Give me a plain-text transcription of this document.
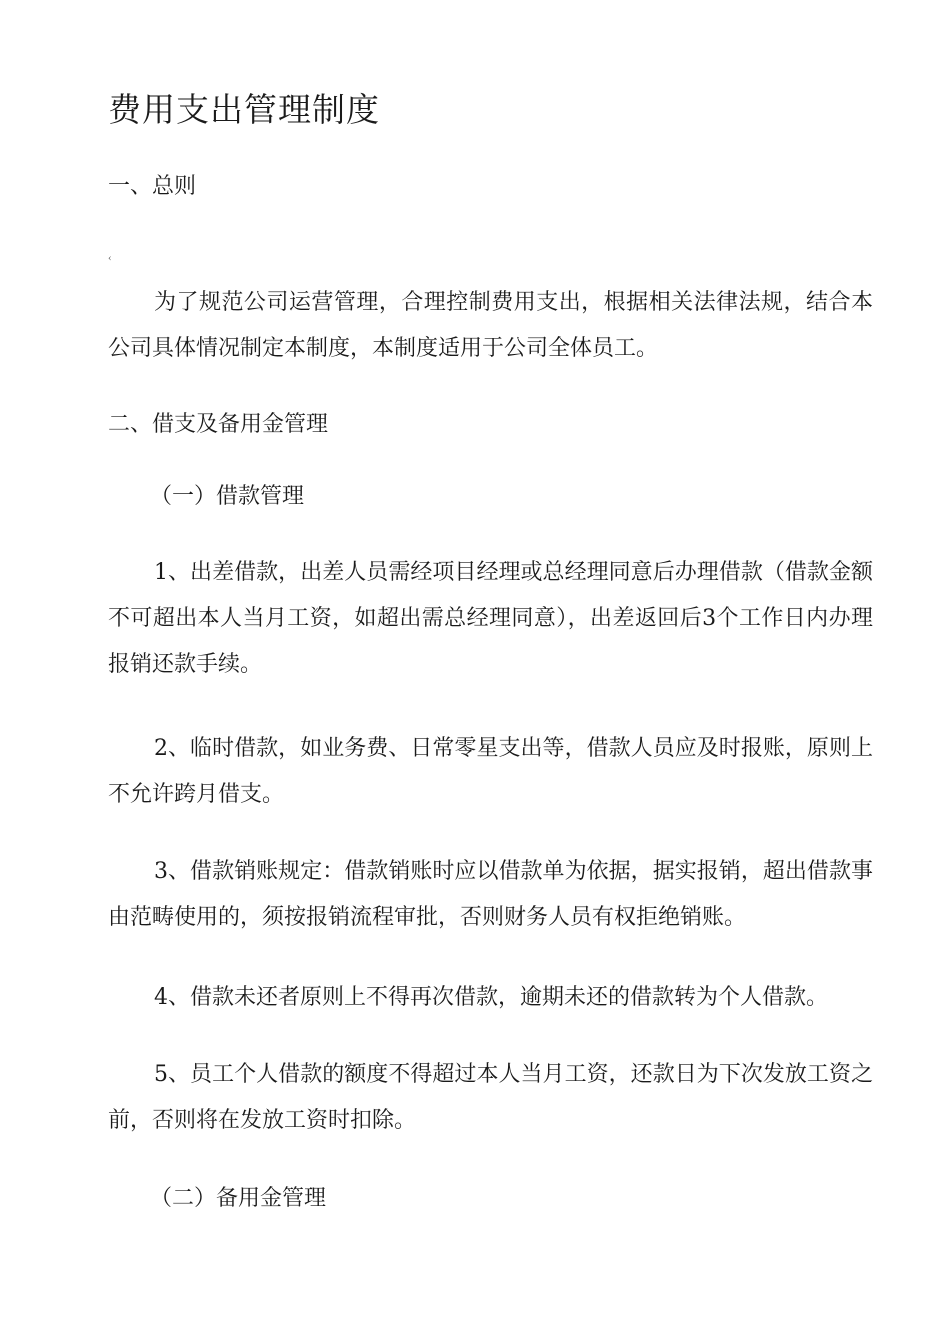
费用支出管理制度
一、总则
‹
为了规范公司运营管理，合理控制费用支出，根据相关法律法规，结合本公司具体情况制定本制度，本制度适用于公司全体员工。
二、借支及备用金管理
（一）借款管理
1、出差借款，出差人员需经项目经理或总经理同意后办理借款（借款金额不可超出本人当月工资，如超出需总经理同意），出差返回后3个工作日内办理报销还款手续。
2、临时借款，如业务费、日常零星支出等，借款人员应及时报账，原则上不允许跨月借支。
3、借款销账规定：借款销账时应以借款单为依据，据实报销，超出借款事由范畴使用的，须按报销流程审批，否则财务人员有权拒绝销账。
4、借款未还者原则上不得再次借款，逾期未还的借款转为个人借款。
5、员工个人借款的额度不得超过本人当月工资，还款日为下次发放工资之前，否则将在发放工资时扣除。
（二）备用金管理
